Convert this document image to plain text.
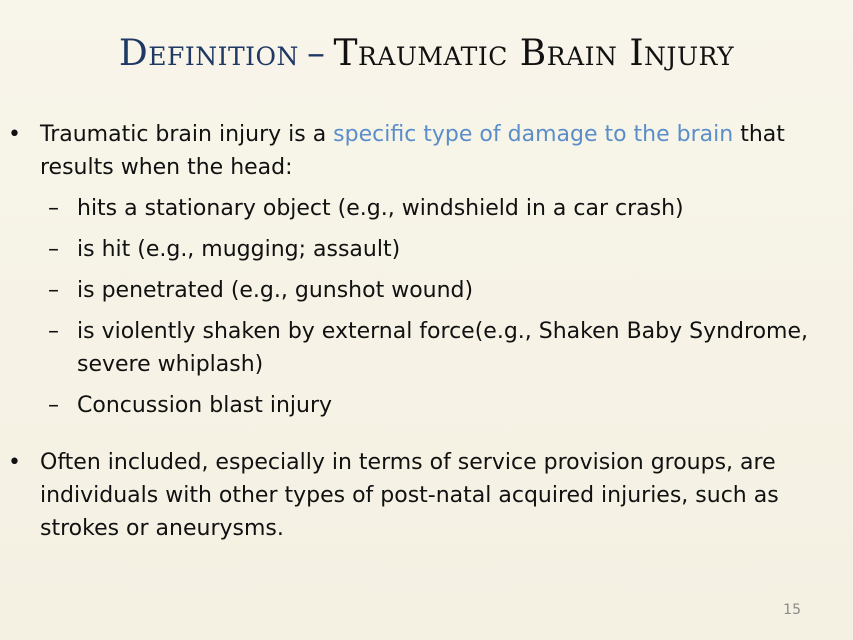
Definition – Traumatic Brain Injury
• Traumatic brain injury is a specific type of damage to the brain that results when the head:
– hits a stationary object (e.g., windshield in a car crash)
– is hit (e.g., mugging; assault)
– is penetrated (e.g., gunshot wound)
– is violently shaken by external force(e.g., Shaken Baby Syndrome, severe whiplash)
– Concussion blast injury
• Often included, especially in terms of service provision groups, are individuals with other types of post-natal acquired injuries, such as strokes or aneurysms.
15
